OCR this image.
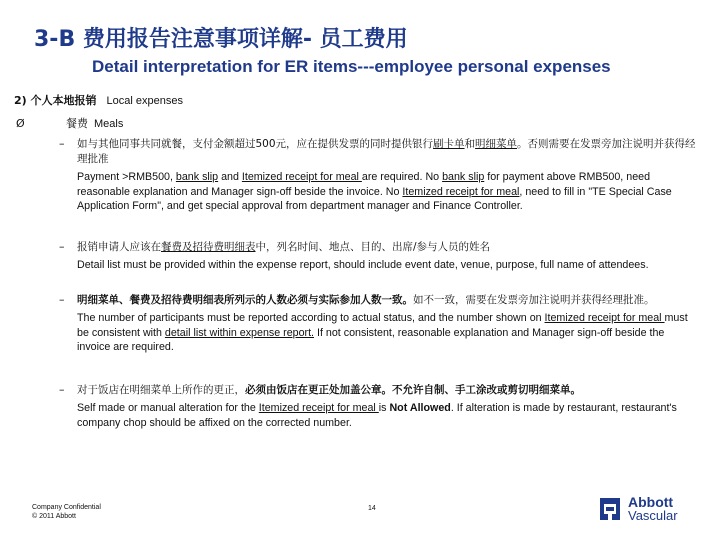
3-B 费用报告注意事项详解- 员工费用
Detail interpretation for ER items---employee personal expenses
2) 个人本地报销 Local expenses
Ø	餐费 Meals
– 如与其他同事共同就餐，支付金额超过500元，应在提供发票的同时提供银行刷卡单和明细菜单。否则需要在发票旁加注说明并获得经理批准
Payment >RMB500, bank slip and Itemized receipt for meal are required. No bank slip for payment above RMB500, need reasonable explanation and Manager sign-off beside the invoice. No Itemized receipt for meal, need to fill in "TE Special Case Application Form", and get special approval from department manager and Finance Controller.
– 报销申请人应该在餐费及招待费明细表中，列名时间、地点、目的、出席/参与人员的姓名
Detail list must be provided within the expense report, should include event date, venue, purpose, full name of attendees.
– 明细菜单、餐费及招待费明细表所列示的人数必须与实际参加人数一致。如不一致，需要在发票旁加注说明并获得经理批准。
The number of participants must be reported according to actual status, and the number shown on Itemized receipt for meal must be consistent with detail list within expense report. If not consistent, reasonable explanation and Manager sign-off beside the invoice are required.
– 对于饭店在明细菜单上所作的更正，必须由饭店在更正处加盖公章。不允许自制、手工涂改或剪切明细菜单。
Self made or manual alteration for the Itemized receipt for meal is Not Allowed. If alteration is made by restaurant, restaurant's company chop should be affixed on the corrected number.
Company Confidential
© 2011 Abbott
14	Abbott
Vascular
